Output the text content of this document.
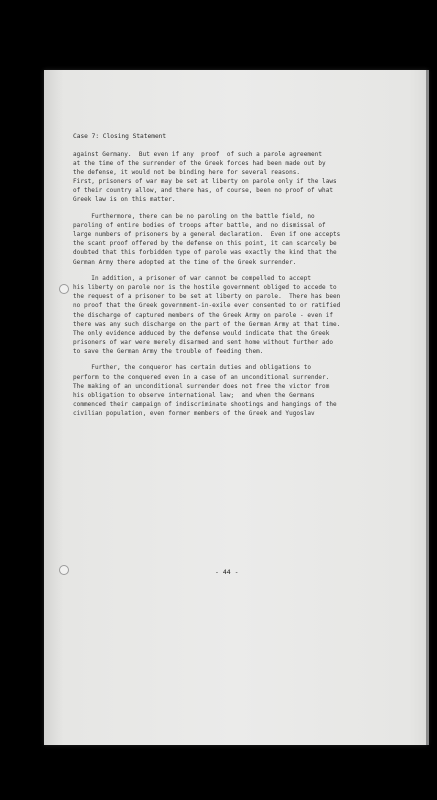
Case 7: Closing Statement
against Germany.  But even if any  proof  of such a parole agreement
at the time of the surrender of the Greek forces had been made out by
the defense, it would not be binding here for several reasons.
First, prisoners of war may be set at liberty on parole only if the laws
of their country allow, and there has, of course, been no proof of what
Greek law is on this matter.
Furthermore, there can be no paroling on the battle field, no
paroling of entire bodies of troops after battle, and no dismissal of
large numbers of prisoners by a general declaration.  Even if one accepts
the scant proof offered by the defense on this point, it can scarcely be
doubted that this forbidden type of parole was exactly the kind that the
German Army there adopted at the time of the Greek surrender.
In addition, a prisoner of war cannot be compelled to accept
his liberty on parole nor is the hostile government obliged to accede to
the request of a prisoner to be set at liberty on parole.  There has been
no proof that the Greek government-in-exile ever consented to or ratified
the discharge of captured members of the Greek Army on parole - even if
there was any such discharge on the part of the German Army at that time.
The only evidence adduced by the defense would indicate that the Greek
prisoners of war were merely disarmed and sent home without further ado
to save the German Army the trouble of feeding them.
Further, the conqueror has certain duties and obligations to
perform to the conquered even in a case of an unconditional surrender.
The making of an unconditional surrender does not free the victor from
his obligation to observe international law;  and when the Germans
commenced their campaign of indiscriminate shootings and hangings of the
civilian population, even former members of the Greek and Yugoslav
- 44 -
